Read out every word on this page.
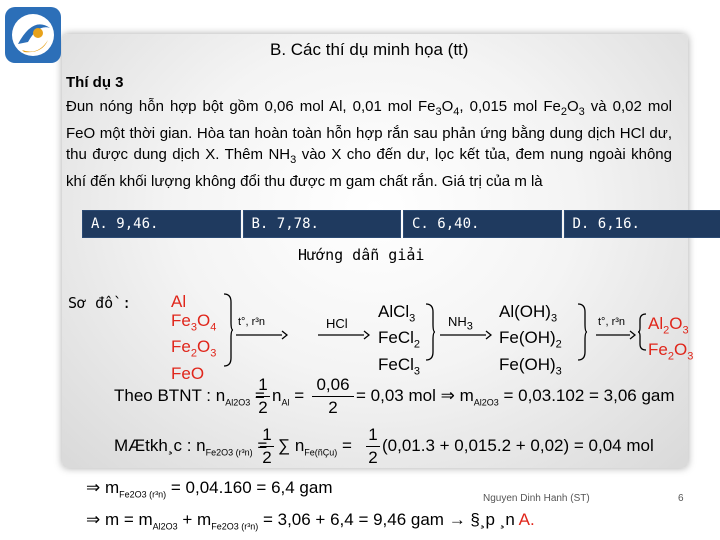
B. Các thí dụ minh họa (tt)
Thí dụ 3
Đun nóng hỗn hợp bột gồm 0,06 mol Al, 0,01 mol $Fe_3O_4$, 0,015 mol $Fe_2O_3$ và 0,02 mol FeO một thời gian. Hòa tan hoàn toàn hỗn hợp rắn sau phản ứng bằng dung dịch HCl dư, thu được dung dịch X. Thêm $NH_3$ vào X cho đến dư, lọc kết tủa, đem nung ngoài không khí đến khối lượng không đổi thu được m gam chất rắn. Giá trị của m là
A. 9,46.	B. 7,78.	C. 6,40.	D. 6,16.
Hướng dẫn giải
Sơ đồ : Al
$Fe_3O_4$
$Fe_2O_3$
FeO
t°, r³n	HCl
AlCl$_3$
FeCl$_2$
FeCl$_3$
$NH_3$
$Al(OH)_3$
$Fe(OH)_2$
$Fe(OH)_3$
t°, r³n $Al_2O_3$
$Fe_2O_3$
Theo BTNT : $n_{Al2O3}$ =
1
2
$n_{Al}$ =
0,06
2
= 0,03 mol ⇒ $m_{Al2O3} = 0,03.102 = 3,06$ gam
MÆtkh¸c : $n_{Fe2O3 (r^3n)}$ =
1
2
∑ $n_{Fe(ñÇu)}$ =
1
2
(0,01.3 + 0,015.2 + 0,02) = 0,04 mol
⇒ $m_{Fe2O3 (r^3n)} = 0,04.160 = 6,4$ gam
⇒ $m = m_{Al2O3} + m_{Fe2O3 (r^3n)} = 3,06 + 6,4 = 9,46$ gam → §¸p ¸n A.
Nguyen Dinh Hanh (ST)	6
